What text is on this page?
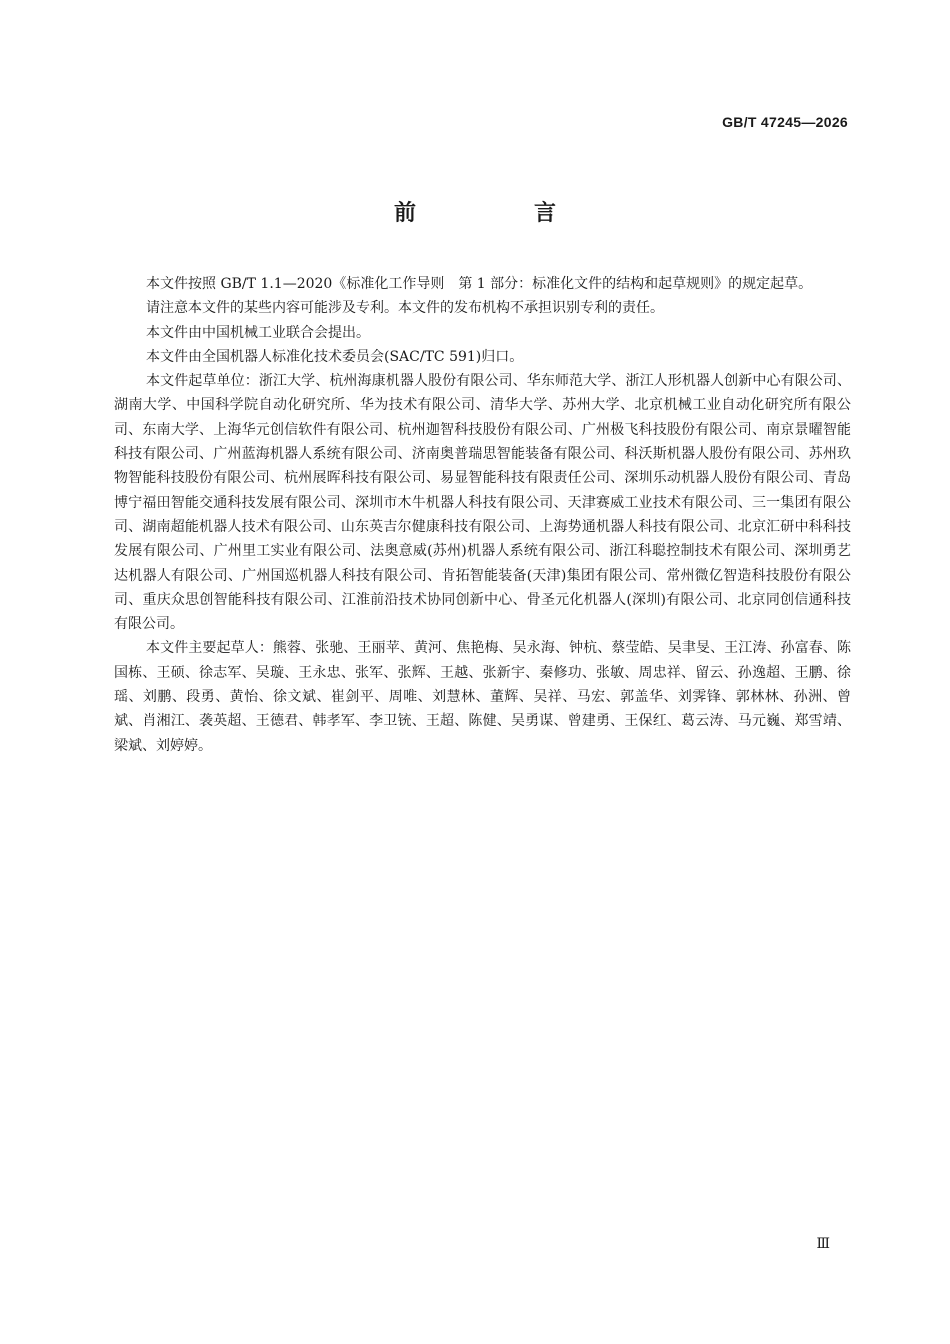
GB/T 47245—2026
前　言

本文件按照 GB/T 1.1—2020《标准化工作导则　第 1 部分：标准化文件的结构和起草规则》的规定起草。

请注意本文件的某些内容可能涉及专利。本文件的发布机构不承担识别专利的责任。

本文件由中国机械工业联合会提出。

本文件由全国机器人标准化技术委员会(SAC/TC 591)归口。

本文件起草单位：浙江大学、杭州海康机器人股份有限公司、华东师范大学、浙江人形机器人创新中心有限公司、湖南大学、中国科学院自动化研究所、华为技术有限公司、清华大学、苏州大学、北京机械工业自动化研究所有限公司、东南大学、上海华元创信软件有限公司、杭州迦智科技股份有限公司、广州极飞科技股份有限公司、南京景曜智能科技有限公司、广州蓝海机器人系统有限公司、济南奥普瑞思智能装备有限公司、科沃斯机器人股份有限公司、苏州玖物智能科技股份有限公司、杭州展晖科技有限公司、易显智能科技有限责任公司、深圳乐动机器人股份有限公司、青岛博宁福田智能交通科技发展有限公司、深圳市木牛机器人科技有限公司、天津赛威工业技术有限公司、三一集团有限公司、湖南超能机器人技术有限公司、山东英吉尔健康科技有限公司、上海势通机器人科技有限公司、北京汇研中科科技发展有限公司、广州里工实业有限公司、法奥意威(苏州)机器人系统有限公司、浙江科聪控制技术有限公司、深圳勇艺达机器人有限公司、广州国巡机器人科技有限公司、肯拓智能装备(天津)集团有限公司、常州微亿智造科技股份有限公司、重庆众思创智能科技有限公司、江淮前沿技术协同创新中心、骨圣元化机器人(深圳)有限公司、北京同创信通科技有限公司。

本文件主要起草人：熊蓉、张驰、王丽苹、黄河、焦艳梅、吴永海、钟杭、蔡莹皓、吴聿旻、王江涛、孙富春、陈国栋、王硕、徐志军、吴璇、王永忠、张军、张辉、王越、张新宇、秦修功、张敏、周忠祥、留云、孙逸超、王鹏、徐瑶、刘鹏、段勇、黄怡、徐文斌、崔剑平、周唯、刘慧林、董辉、吴祥、马宏、郭盖华、刘霁锋、郭林林、孙洲、曾斌、肖湘江、袭英超、王德君、韩孝军、李卫铳、王超、陈健、吴勇谋、曾建勇、王保红、葛云涛、马元巍、郑雪靖、梁斌、刘婷婷。

Ⅲ
